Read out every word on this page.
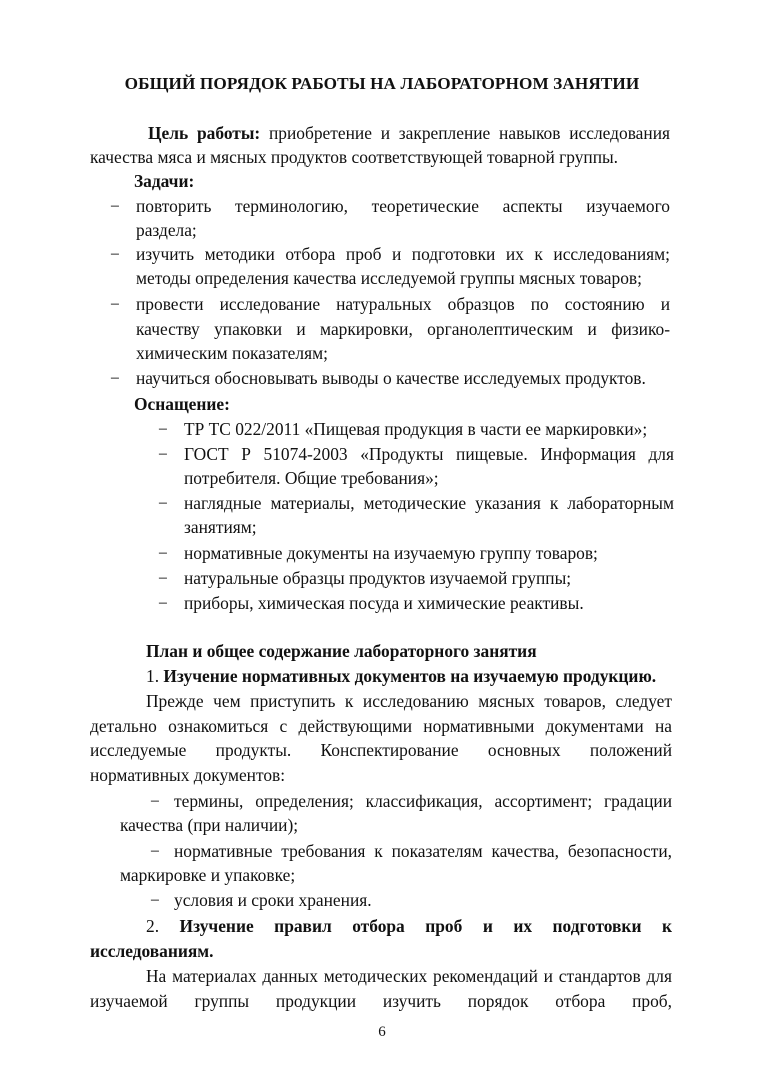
ОБЩИЙ ПОРЯДОК РАБОТЫ НА ЛАБОРАТОРНОМ ЗАНЯТИИ
Цель работы: приобретение и закрепление навыков исследования
качества мяса и мясных продуктов соответствующей товарной группы.
Задачи:
− повторить терминологию, теоретические аспекты изучаемого
раздела;
− изучить методики отбора проб и подготовки их к исследованиям;
методы определения качества исследуемой группы мясных товаров;
− провести исследование натуральных образцов по состоянию и
качеству упаковки и маркировки, органолептическим и физико-
химическим показателям;
− научиться обосновывать выводы о качестве исследуемых продуктов.
Оснащение:
− ТР ТС 022/2011 «Пищевая продукция в части ее маркировки»;
− ГОСТ Р 51074-2003 «Продукты пищевые. Информация для
потребителя. Общие требования»;
− наглядные материалы, методические указания к лабораторным
занятиям;
− нормативные документы на изучаемую группу товаров;
− натуральные образцы продуктов изучаемой группы;
− приборы, химическая посуда и химические реактивы.
План и общее содержание лабораторного занятия
1. Изучение нормативных документов на изучаемую продукцию.
Прежде чем приступить к исследованию мясных товаров, следует
детально ознакомиться с действующими нормативными документами на
исследуемые продукты. Конспектирование основных положений
нормативных документов:
− термины, определения; классификация, ассортимент; градации
качества (при наличии);
− нормативные требования к показателям качества, безопасности,
маркировке и упаковке;
− условия и сроки хранения.
2. Изучение правил отбора проб и их подготовки к
исследованиям.
На материалах данных методических рекомендаций и стандартов для
изучаемой группы продукции изучить порядок отбора проб,
6
